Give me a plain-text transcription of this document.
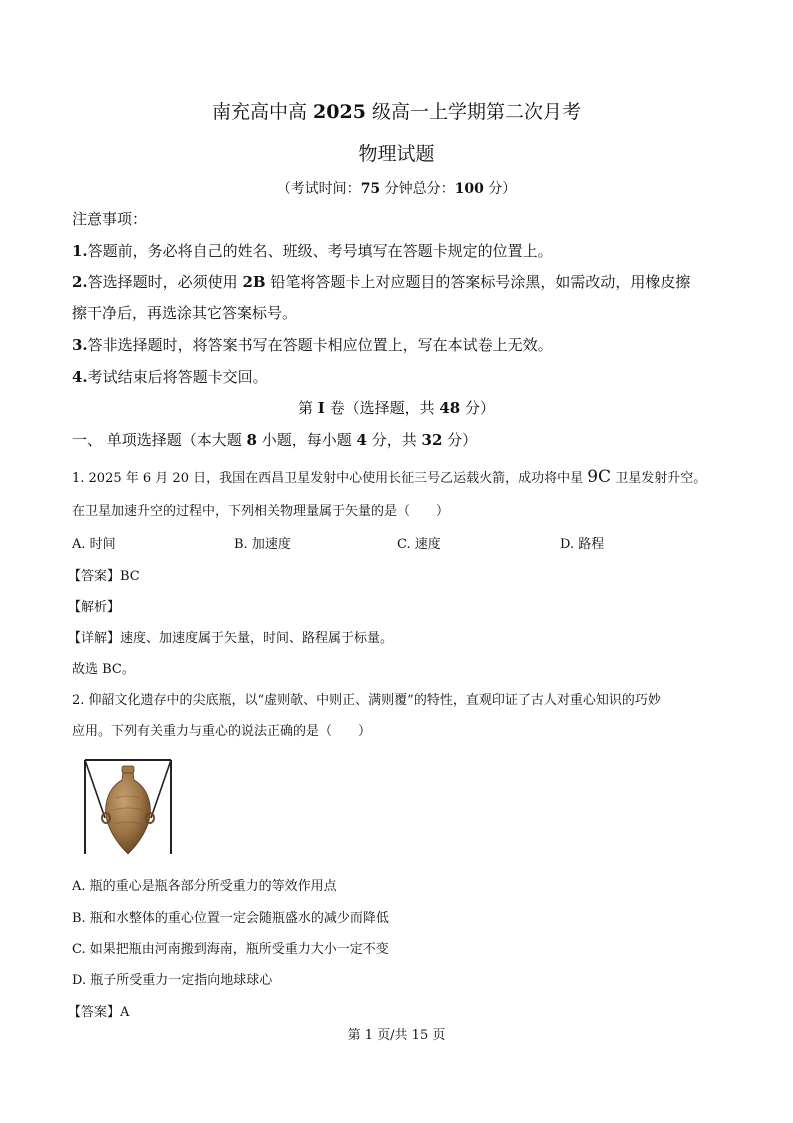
南充高中高 2025 级高一上学期第二次月考
物理试题
（考试时间：75 分钟总分：100 分）
注意事项：
1.答题前，务必将自己的姓名、班级、考号填写在答题卡规定的位置上。
2.答选择题时，必须使用 2B 铅笔将答题卡上对应题目的答案标号涂黑，如需改动，用橡皮擦
擦干净后，再选涂其它答案标号。
3.答非选择题时，将答案书写在答题卡相应位置上，写在本试卷上无效。
4.考试结束后将答题卡交回。
第 I 卷（选择题，共 48 分）
一、 单项选择题（本大题 8 小题，每小题 4 分，共 32 分）
1. 2025 年 6 月 20 日，我国在西昌卫星发射中心使用长征三号乙运载火箭，成功将中星 9C 卫星发射升空。
在卫星加速升空的过程中，下列相关物理量属于矢量的是（　　）
A. 时间	B. 加速度	C. 速度	D. 路程
【答案】BC
【解析】
【详解】速度、加速度属于矢量，时间、路程属于标量。
故选 BC。
2. 仰韶文化遗存中的尖底瓶，以“虚则欹、中则正、满则覆”的特性，直观印证了古人对重心知识的巧妙
应用。下列有关重力与重心的说法正确的是（　　）
A. 瓶的重心是瓶各部分所受重力的等效作用点
B. 瓶和水整体的重心位置一定会随瓶盛水的减少而降低
C. 如果把瓶由河南搬到海南，瓶所受重力大小一定不变
D. 瓶子所受重力一定指向地球球心
【答案】A
第 1 页/共 15 页
